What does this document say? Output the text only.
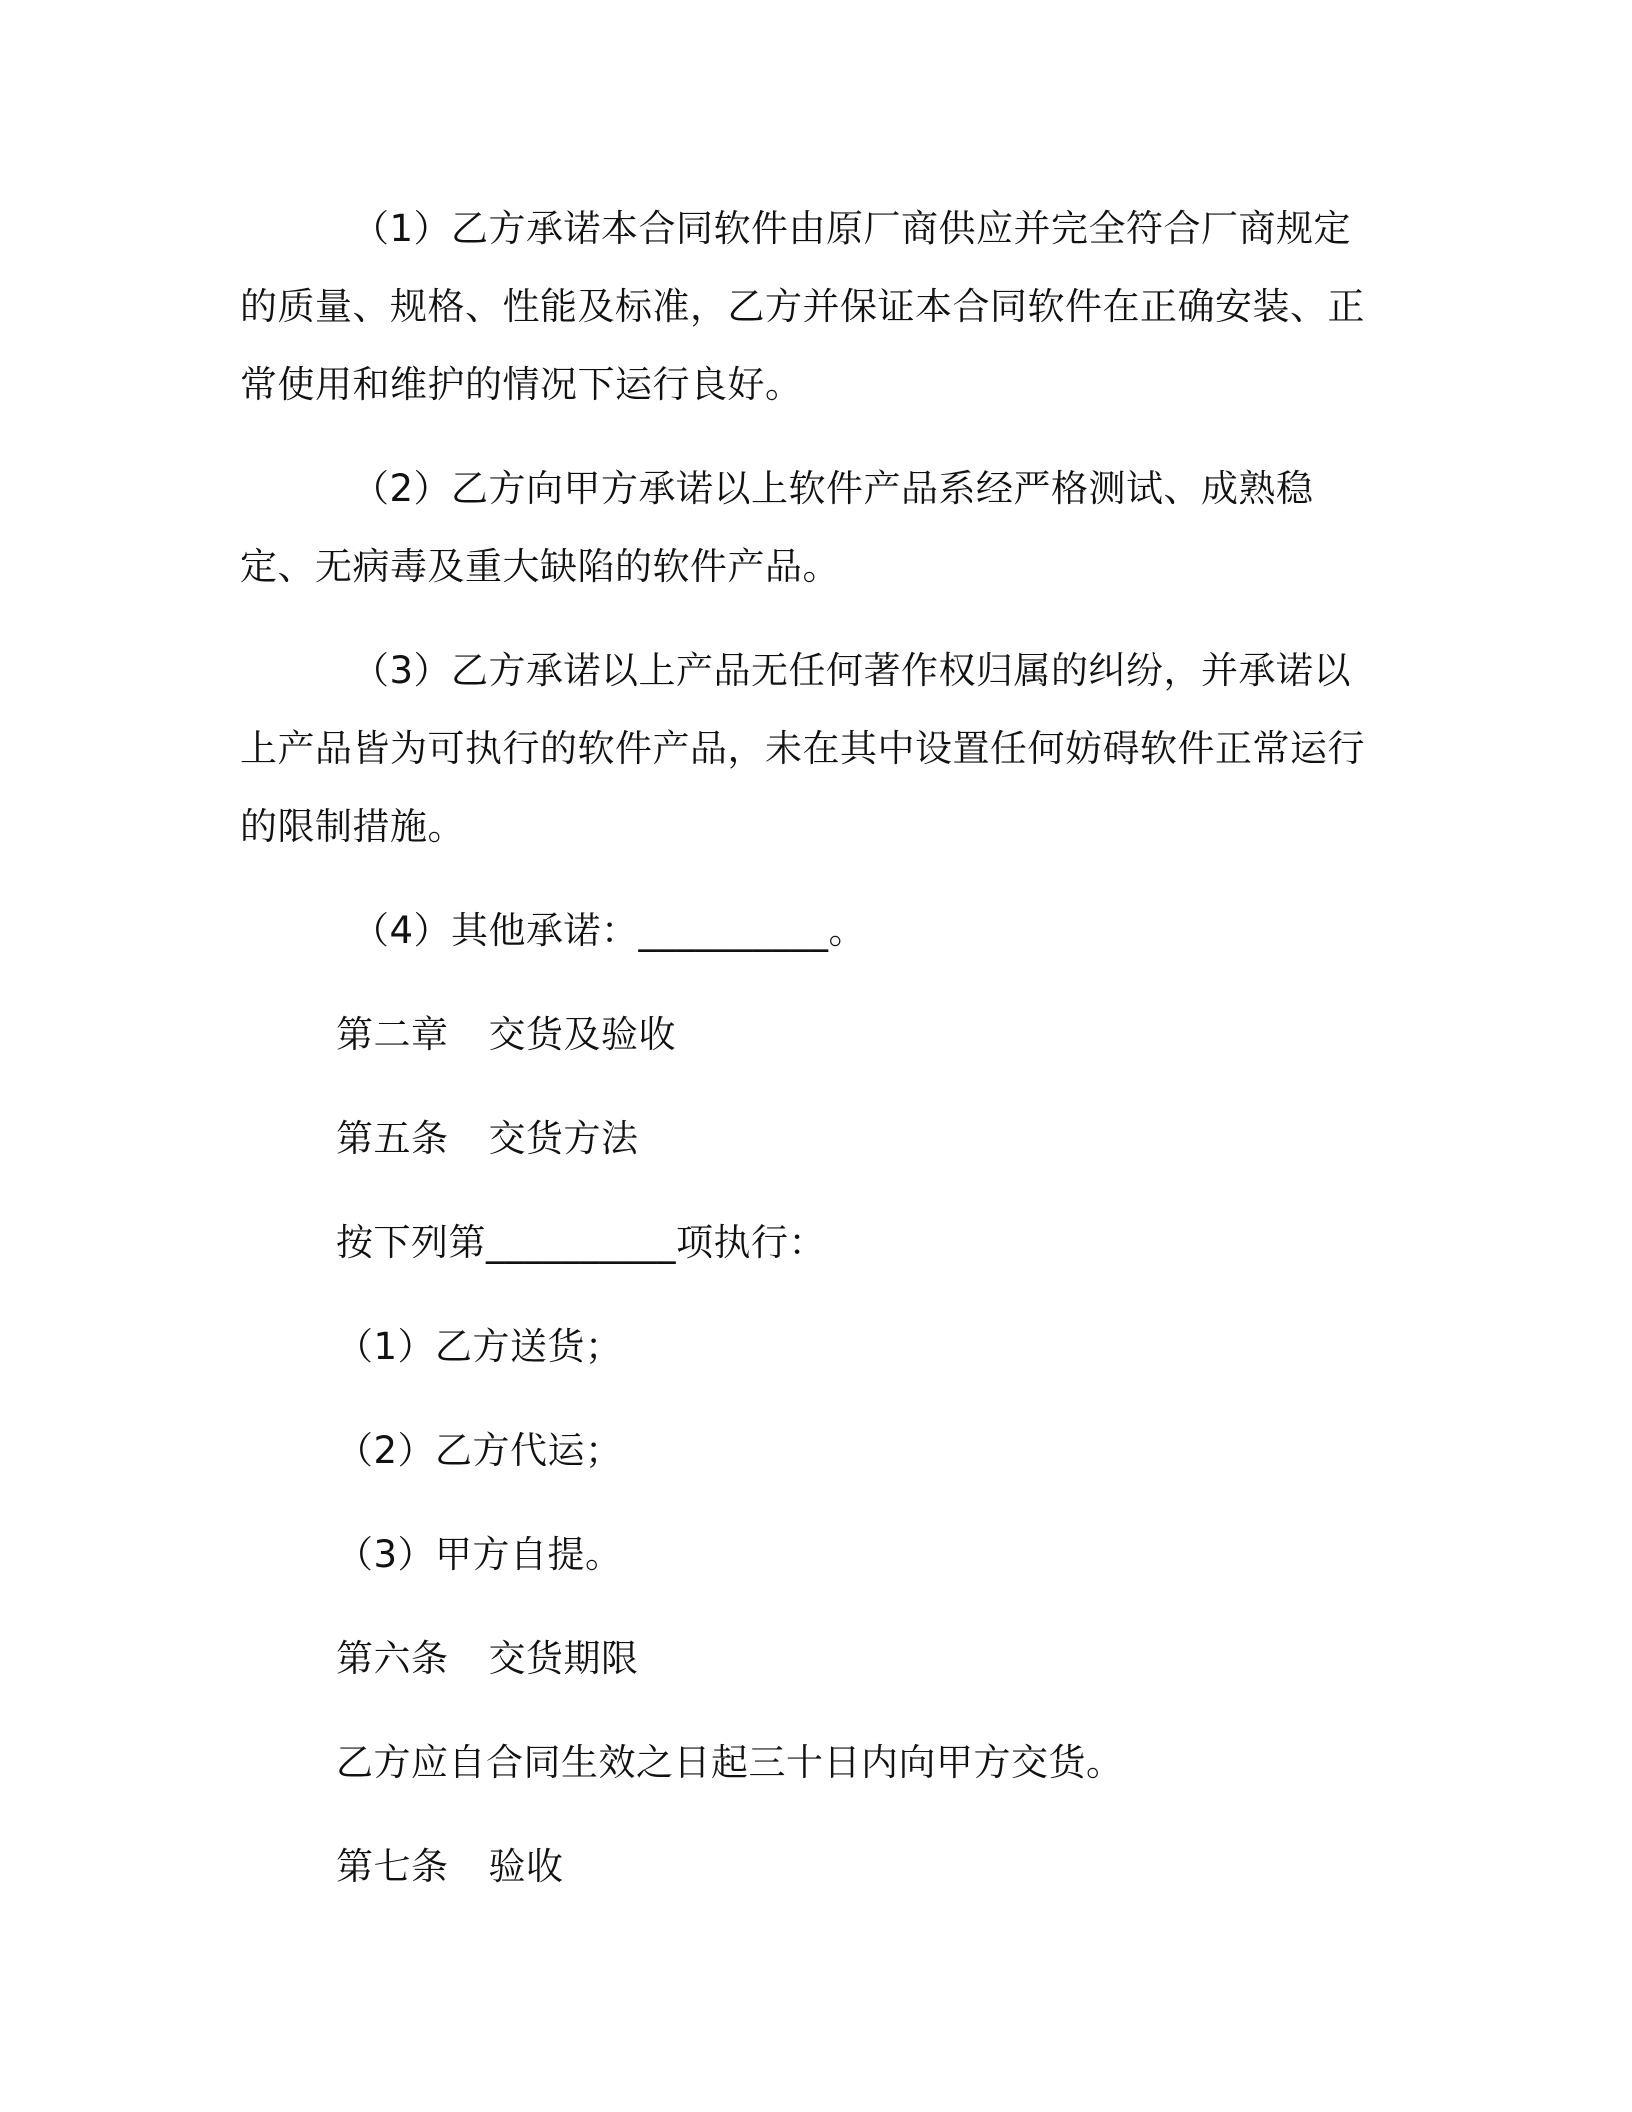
（1）乙方承诺本合同软件由原厂商供应并完全符合厂商规定的质量、规格、性能及标准，乙方并保证本合同软件在正确安装、正常使用和维护的情况下运行良好。

（2）乙方向甲方承诺以上软件产品系经严格测试、成熟稳定、无病毒及重大缺陷的软件产品。

（3）乙方承诺以上产品无任何著作权归属的纠纷，并承诺以上产品皆为可执行的软件产品，未在其中设置任何妨碍软件正常运行的限制措施。

（4）其他承诺：__________。

第二章 交货及验收
第五条 交货方法

按下列第__________项执行：

（1）乙方送货；

（2）乙方代运；

（3）甲方自提。

第六条 交货期限

乙方应自合同生效之日起三十日内向甲方交货。

第七条 验收
